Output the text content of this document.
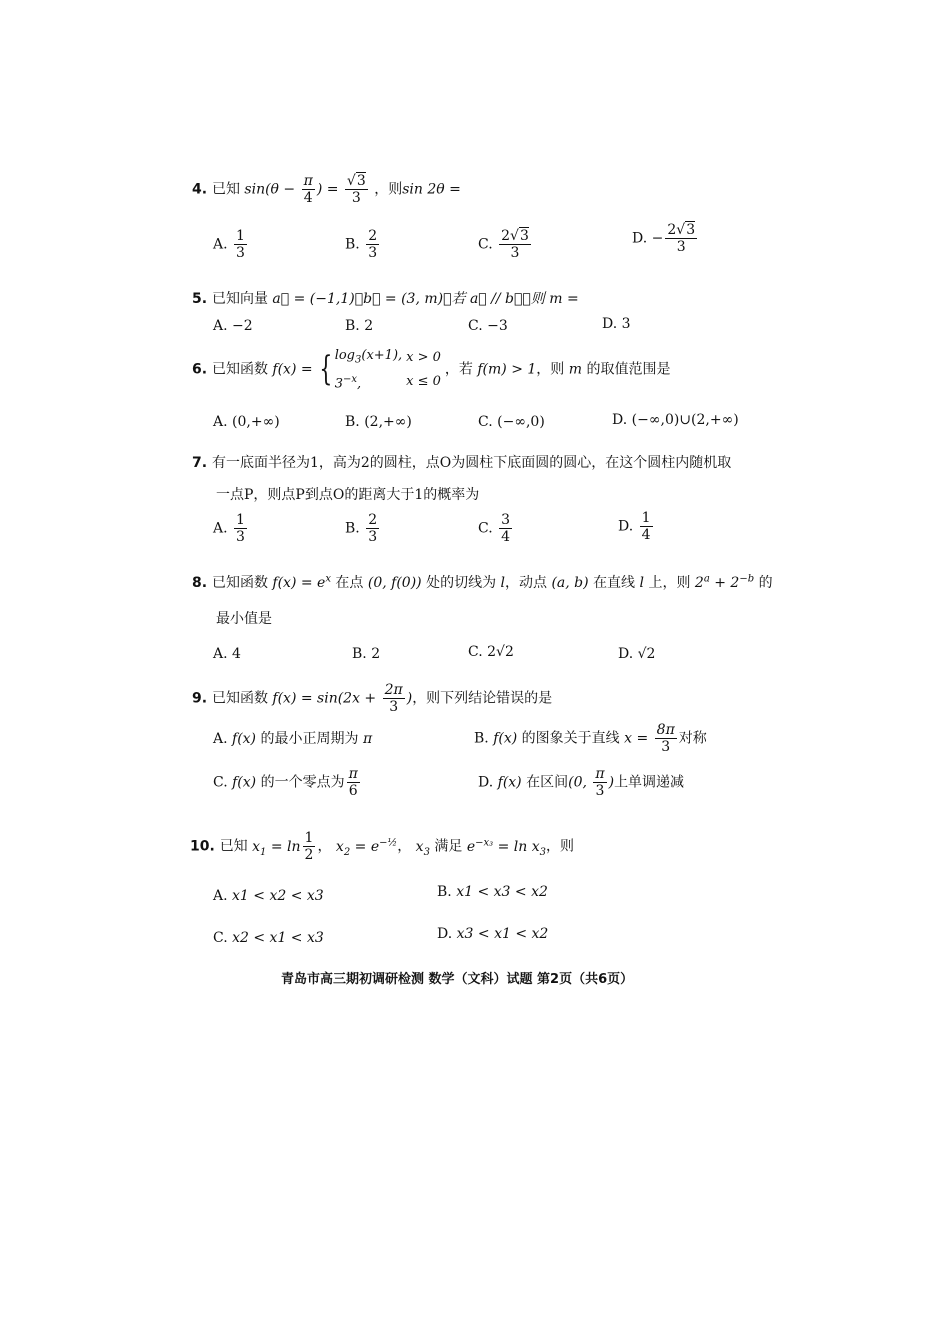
4. 已知 $\sin(\theta - \frac{\pi}{4}$ ) = $\frac{√3}{3}$ ，则sin 2θ =
A. $\frac{1}{3}$	B. $\frac{2}{3}$	C. $\frac{2√3}{3}$	D. − $\frac{2√3}{3}$
5. 已知向量 a⃗ = (−1,1)，b⃗ = (3, m)，若 a⃗ // b⃗，则 m =
A. −2	B. 2	C. −3	D. 3
6. 已知函数 f(x) = { $\log_3(x+1)$,	x > 0
$3^{-x}$,	x ≤ 0，若 f(m) > 1，则 m 的取值范围是
A. (0,+∞)	B. (2,+∞)	C. (−∞,0)	D. (−∞,0)∪(2,+∞)
7. 有一底面半径为1，高为2的圆柱，点O为圆柱下底面圆的圆心，在这个圆柱内随机取
一点P，则点P到点O的距离大于1的概率为
A. $\frac{1}{3}$	B. $\frac{2}{3}$	C. $\frac{3}{4}$	D. $\frac{1}{4}$
8. 已知函数 $f(x) = e^x$ 在点 (0, f(0)) 处的切线为 l，动点 (a, b) 在直线 l 上，则 $2^a + 2^{-b}$ 的
最小值是
A. 4	B. 2	C. 2√2	D. √2
9. 已知函数 $f(x) = \sin(2x + \frac{2\pi}{3}$ )，则下列结论错误的是
A. f(x) 的最小正周期为 π	B. f(x) 的图象关于直线 $x = \frac{8\pi}{3}$ 对称
C. f(x) 的一个零点为 $\frac{\pi}{6}$	D. f(x) 在区间(0, $\frac{\pi}{3}$ )上单调递减
10. 已知 $x_1 = \ln \frac{1}{2}$ ， $x_2 = e^{-\frac{1}{2}}$， $x_3$ 满足 $e^{-x_3} = \ln x_3$，则
A. x1 < x2 < x3	B. x1 < x3 < x2
C. x2 < x1 < x3	D. x3 < x1 < x2
青岛市高三期初调研检测 数学（文科）试题 第2页（共6页）
